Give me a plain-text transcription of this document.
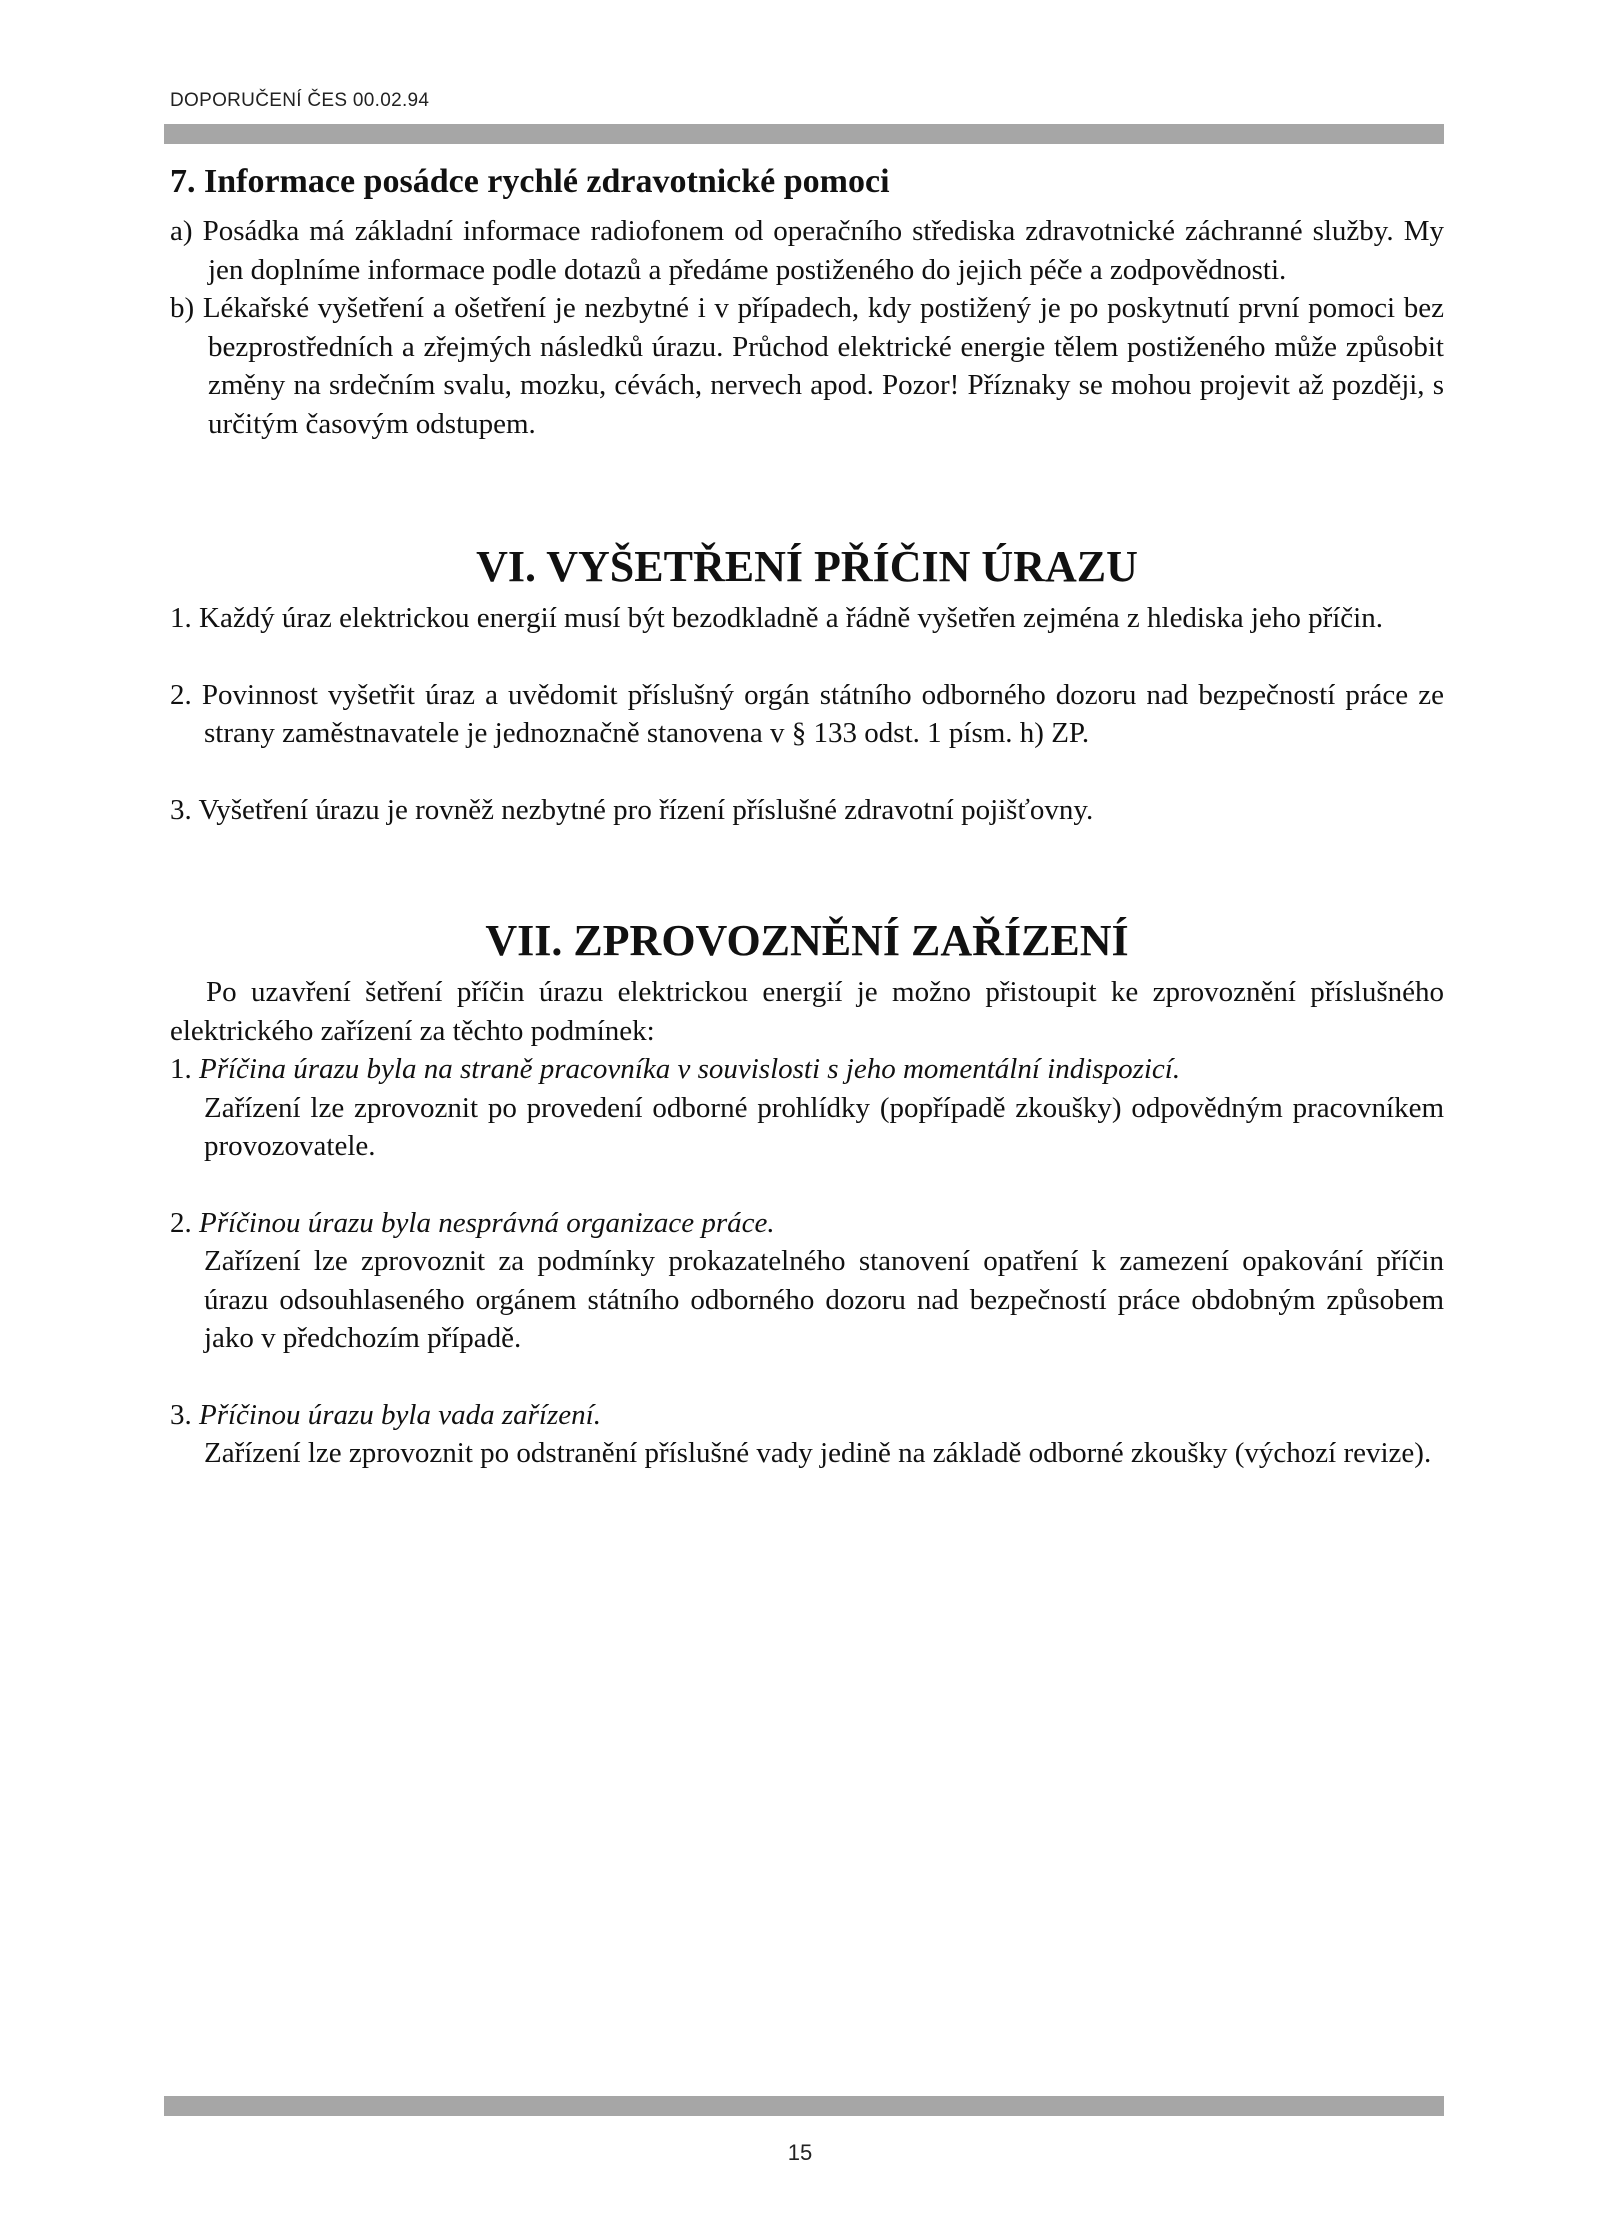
DOPORUČENÍ ČES 00.02.94
7. Informace posádce rychlé zdravotnické pomoci

a) Posádka má základní informace radiofonem od operačního střediska zdravotnické záchranné služby. My jen doplníme informace podle dotazů a předáme postiženého do jejich péče a zodpovědnosti.

b) Lékařské vyšetření a ošetření je nezbytné i v případech, kdy postižený je po poskytnutí první pomoci bez bezprostředních a zřejmých následků úrazu. Průchod elektrické energie tělem postiženého může způsobit změny na srdečním svalu, mozku, cévách, nervech apod. Pozor! Příznaky se mohou projevit až později, s určitým časovým odstupem.

VI. VYŠETŘENÍ PŘÍČIN ÚRAZU

1. Každý úraz elektrickou energií musí být bezodkladně a řádně vyšetřen zejména z hlediska jeho příčin.

2. Povinnost vyšetřit úraz a uvědomit příslušný orgán státního odborného dozoru nad bezpečností práce ze strany zaměstnavatele je jednoznačně stanovena v § 133 odst. 1 písm. h) ZP.

3. Vyšetření úrazu je rovněž nezbytné pro řízení příslušné zdravotní pojišťovny.

VII. ZPROVOZNĚNÍ ZAŘÍZENÍ

Po uzavření šetření příčin úrazu elektrickou energií je možno přistoupit ke zprovoznění příslušného elektrického zařízení za těchto podmínek:

1. Příčina úrazu byla na straně pracovníka v souvislosti s jeho momentální indispozicí.

Zařízení lze zprovoznit po provedení odborné prohlídky (popřípadě zkoušky) odpovědným pracovníkem provozovatele.

2. Příčinou úrazu byla nesprávná organizace práce.

Zařízení lze zprovoznit za podmínky prokazatelného stanovení opatření k zamezení opakování příčin úrazu odsouhlaseného orgánem státního odborného dozoru nad bezpečností práce obdobným způsobem jako v předchozím případě.

3. Příčinou úrazu byla vada zařízení.

Zařízení lze zprovoznit po odstranění příslušné vady jedině na základě odborné zkoušky (výchozí revize).

15
